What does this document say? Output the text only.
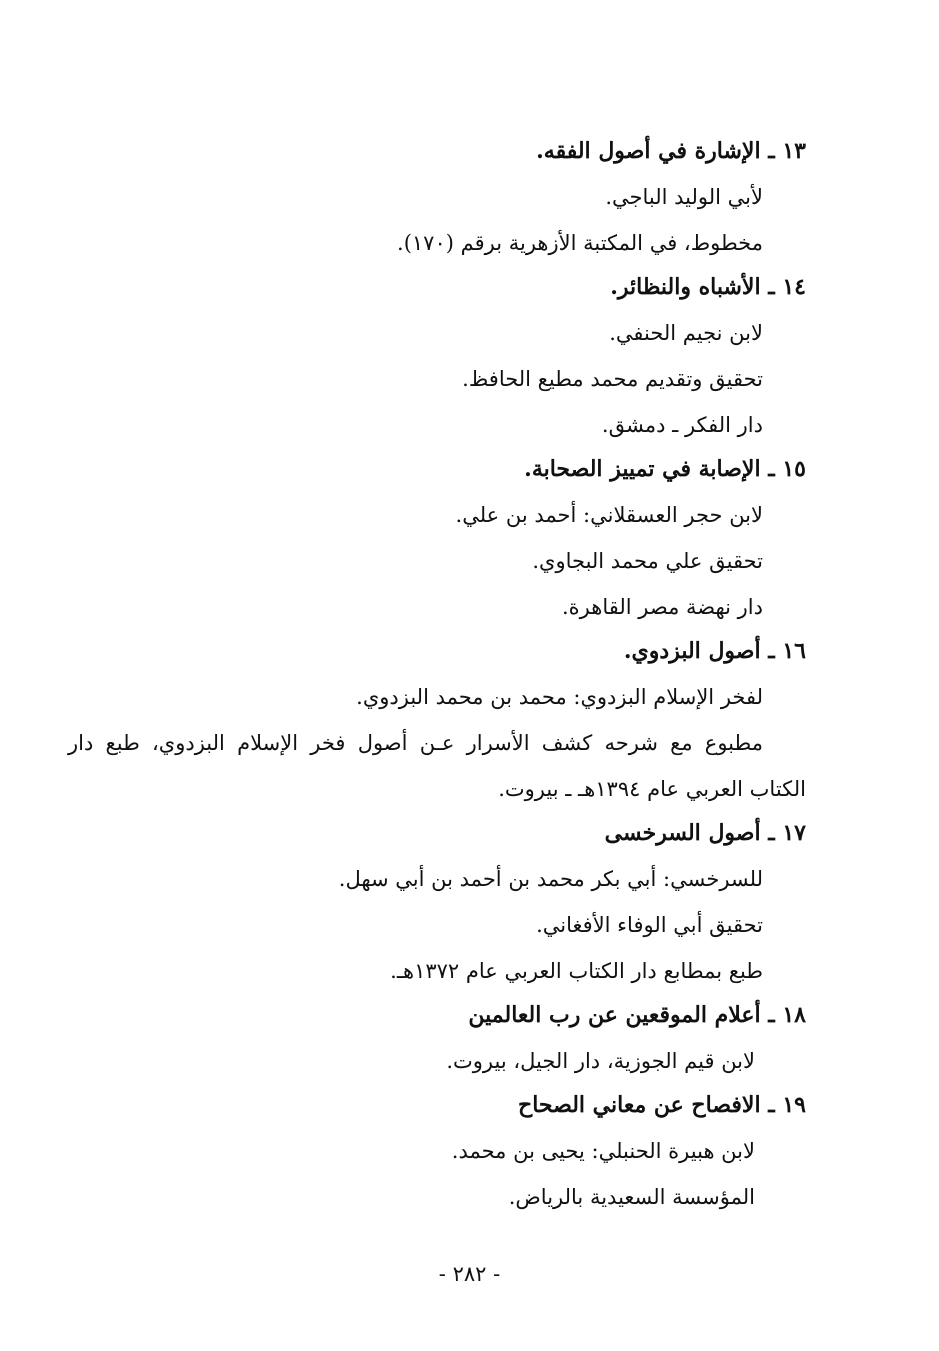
١٣ ـ الإشارة في أصول الفقه.
لأبي الوليد الباجي.
مخطوط، في المكتبة الأزهرية برقم (١٧٠).
١٤ ـ الأشباه والنظائر.
لابن نجيم الحنفي.
تحقيق وتقديم محمد مطيع الحافظ.
دار الفكر ـ دمشق.
١٥ ـ الإصابة في تمييز الصحابة.
لابن حجر العسقلاني: أحمد بن علي.
تحقيق علي محمد البجاوي.
دار نهضة مصر القاهرة.
١٦ ـ أصول البزدوي.
لفخر الإسلام البزدوي: محمد بن محمد البزدوي.
مطبوع مع شرحه كشف الأسرار عـن أصول فخر الإسلام البزدوي، طبع دار
الكتاب العربي عام ١٣٩٤هـ ـ بيروت.
١٧ ـ أصول السرخسى
للسرخسي: أبي بكر محمد بن أحمد بن أبي سهل.
تحقيق أبي الوفاء الأفغاني.
طبع بمطابع دار الكتاب العربي عام ١٣٧٢هـ.
١٨ ـ أعلام الموقعين عن رب العالمين
لابن قيم الجوزية، دار الجيل، بيروت.
١٩ ـ الافصاح عن معاني الصحاح
لابن هبيرة الحنبلي: يحيى بن محمد.
المؤسسة السعيدية بالرياض.
- ٢٨٢ -
